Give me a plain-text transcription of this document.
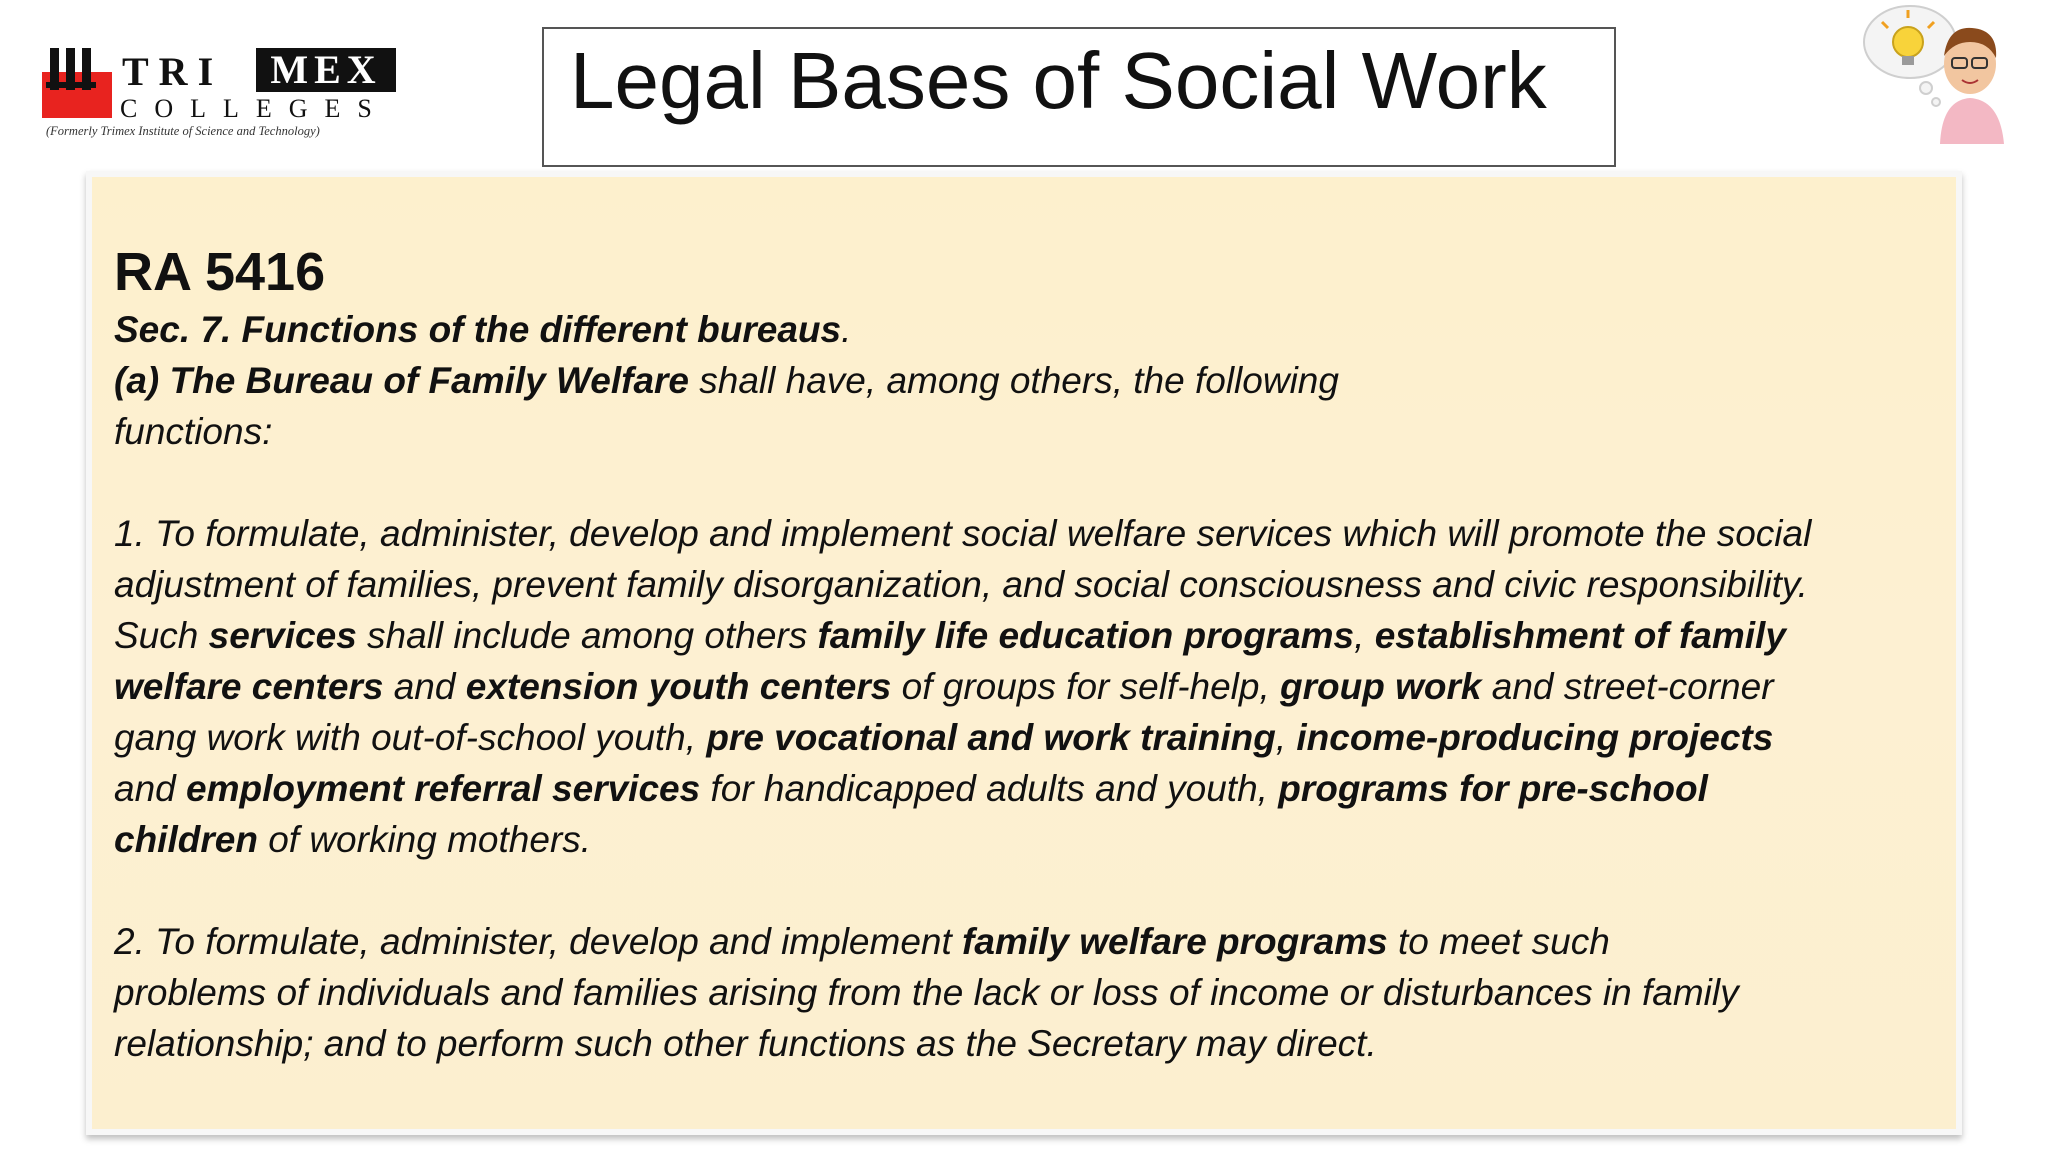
TRI	MEX
COLLEGES
(Formerly Trimex Institute of Science and Technology)
Legal Bases of Social Work

RA 5416

Sec. 7. Functions of the different bureaus.

(a) The Bureau of Family Welfare shall have, among others, the following

functions:

1. To formulate, administer, develop and implement social welfare services which will promote the social

adjustment of families, prevent family disorganization, and social consciousness and civic responsibility.

Such services shall include among others family life education programs, establishment of family

welfare centers and extension youth centers of groups for self-help, group work and street-corner

gang work with out-of-school youth, pre vocational and work training, income-producing projects

and employment referral services for handicapped adults and youth, programs for pre-school

children of working mothers.

2. To formulate, administer, develop and implement family welfare programs to meet such

problems of individuals and families arising from the lack or loss of income or disturbances in family

relationship; and to perform such other functions as the Secretary may direct.
